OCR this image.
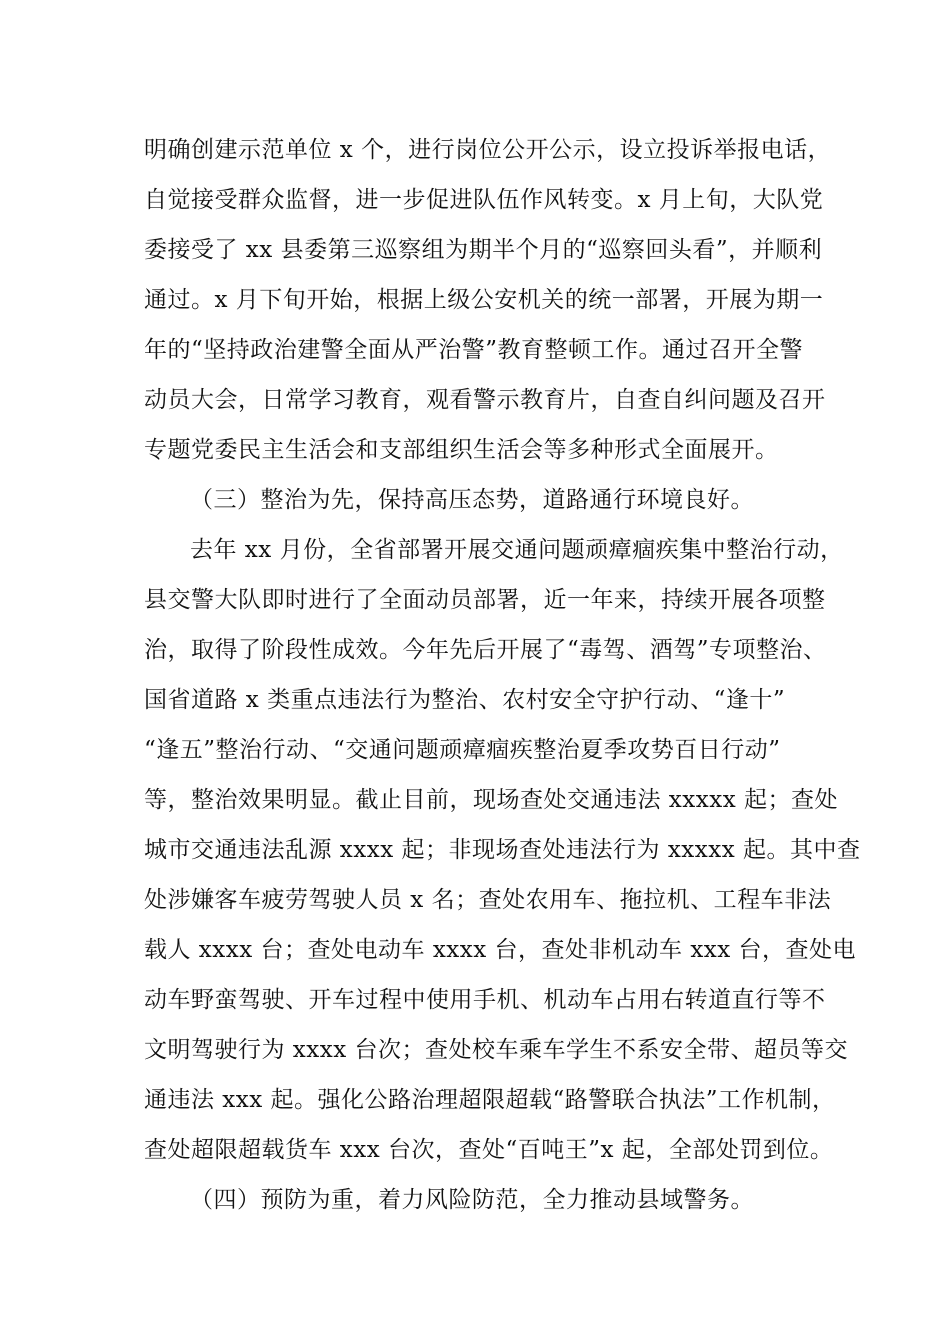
明确创建示范单位 x 个，进行岗位公开公示，设立投诉举报电话，
自觉接受群众监督，进一步促进队伍作风转变。x 月上旬，大队党
委接受了 xx 县委第三巡察组为期半个月的“巡察回头看”，并顺利
通过。x 月下旬开始，根据上级公安机关的统一部署，开展为期一
年的“坚持政治建警全面从严治警”教育整顿工作。通过召开全警
动员大会，日常学习教育，观看警示教育片，自查自纠问题及召开
专题党委民主生活会和支部组织生活会等多种形式全面展开。
（三）整治为先，保持高压态势，道路通行环境良好。
去年 xx 月份，全省部署开展交通问题顽瘴痼疾集中整治行动，
县交警大队即时进行了全面动员部署，近一年来，持续开展各项整
治，取得了阶段性成效。今年先后开展了“毒驾、酒驾”专项整治、
国省道路 x 类重点违法行为整治、农村安全守护行动、“逢十”
“逢五”整治行动、“交通问题顽瘴痼疾整治夏季攻势百日行动”
等，整治效果明显。截止目前，现场查处交通违法 xxxxx 起；查处
城市交通违法乱源 xxxx 起；非现场查处违法行为 xxxxx 起。其中查
处涉嫌客车疲劳驾驶人员 x 名；查处农用车、拖拉机、工程车非法
载人 xxxx 台；查处电动车 xxxx 台，查处非机动车 xxx 台，查处电
动车野蛮驾驶、开车过程中使用手机、机动车占用右转道直行等不
文明驾驶行为 xxxx 台次；查处校车乘车学生不系安全带、超员等交
通违法 xxx 起。强化公路治理超限超载“路警联合执法”工作机制，
查处超限超载货车 xxx 台次，查处“百吨王”x 起，全部处罚到位。
（四）预防为重，着力风险防范，全力推动县域警务。
